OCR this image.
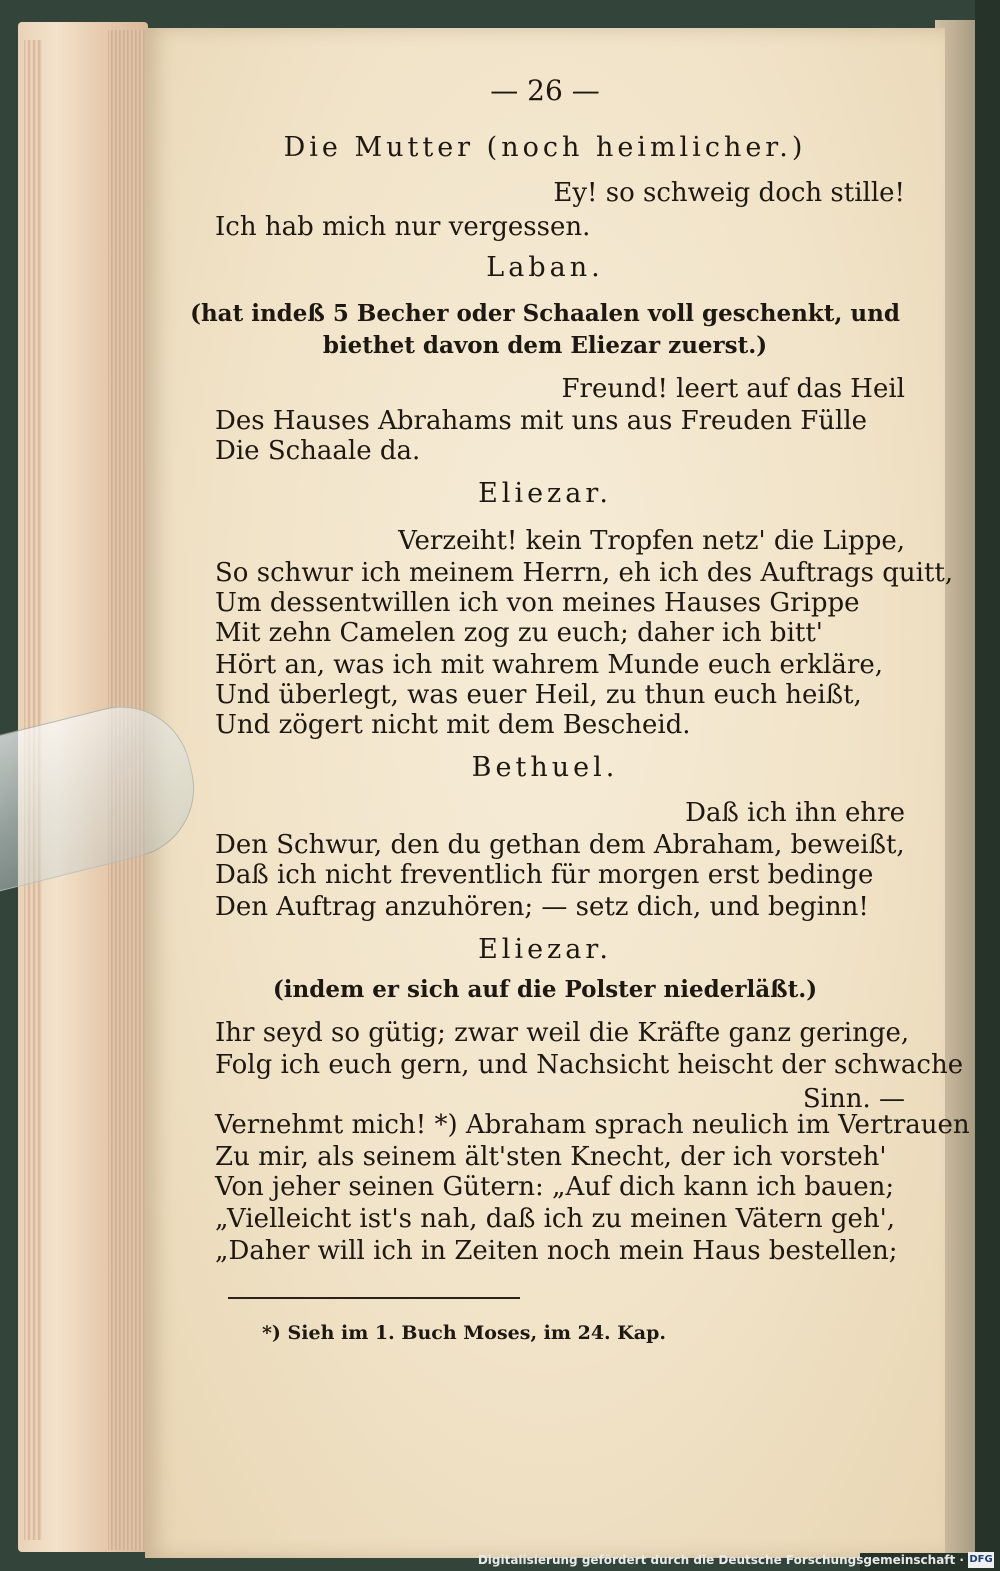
— 26 —
Die Mutter (noch heimlicher.)
Ey! so schweig doch stille!
Ich hab mich nur vergessen.
Laban.
(hat indeß 5 Becher oder Schaalen voll geschenkt, und
biethet davon dem Eliezar zuerst.)
Freund! leert auf das Heil
Des Hauses Abrahams mit uns aus Freuden Fülle
Die Schaale da.
Eliezar.
Verzeiht! kein Tropfen netz' die Lippe,
So schwur ich meinem Herrn, eh ich des Auftrags quitt,
Um dessentwillen ich von meines Hauses Grippe
Mit zehn Camelen zog zu euch; daher ich bitt'
Hört an, was ich mit wahrem Munde euch erkläre,
Und überlegt, was euer Heil, zu thun euch heißt,
Und zögert nicht mit dem Bescheid.
Bethuel.
Daß ich ihn ehre
Den Schwur, den du gethan dem Abraham, beweißt,
Daß ich nicht freventlich für morgen erst bedinge
Den Auftrag anzuhören; — setz dich, und beginn!
Eliezar.
(indem er sich auf die Polster niederläßt.)
Ihr seyd so gütig; zwar weil die Kräfte ganz geringe,
Folg ich euch gern, und Nachsicht heischt der schwache
Sinn. —
Vernehmt mich! *) Abraham sprach neulich im Vertrauen
Zu mir, als seinem ält'sten Knecht, der ich vorsteh'
Von jeher seinen Gütern: „Auf dich kann ich bauen;
„Vielleicht ist's nah, daß ich zu meinen Vätern geh',
„Daher will ich in Zeiten noch mein Haus bestellen;
*) Sieh im 1. Buch Moses, im 24. Kap.
Digitalisierung gefördert durch die Deutsche Forschungsgemeinschaft · DFG
